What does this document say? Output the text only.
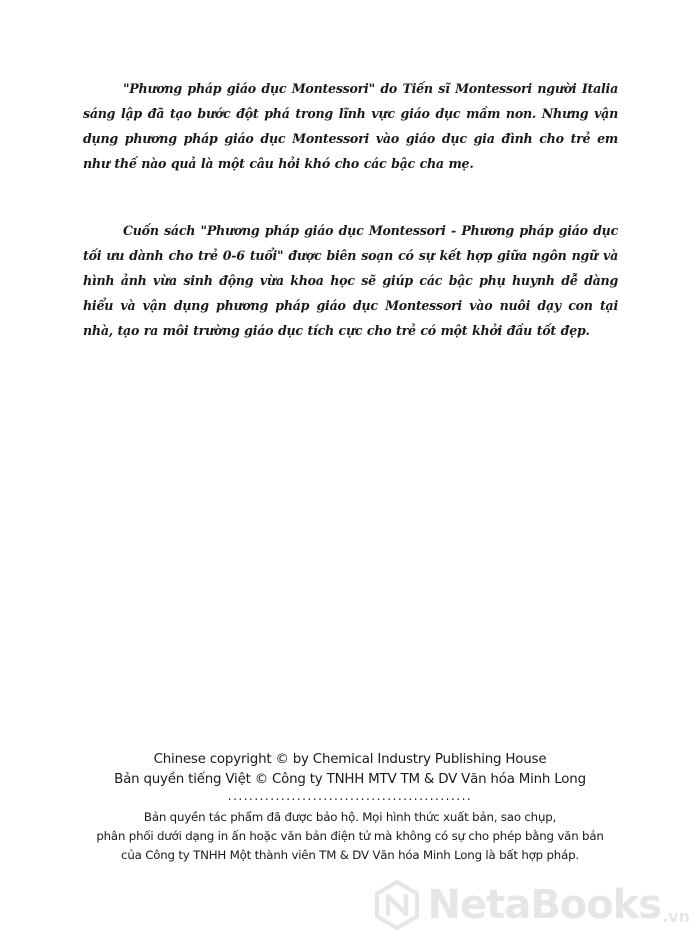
"Phương pháp giáo dục Montessori" do Tiến sĩ Montessori người Italia sáng lập đã tạo bước đột phá trong lĩnh vực giáo dục mầm non. Nhưng vận dụng phương pháp giáo dục Montessori vào giáo dục gia đình cho trẻ em như thế nào quả là một câu hỏi khó cho các bậc cha mẹ.

Cuốn sách "Phương pháp giáo dục Montessori - Phương pháp giáo dục tối ưu dành cho trẻ 0-6 tuổi" được biên soạn có sự kết hợp giữa ngôn ngữ và hình ảnh vừa sinh động vừa khoa học sẽ giúp các bậc phụ huynh dễ dàng hiểu và vận dụng phương pháp giáo dục Montessori vào nuôi dạy con tại nhà, tạo ra môi trường giáo dục tích cực cho trẻ có một khởi đầu tốt đẹp.

Chinese copyright © by Chemical Industry Publishing House
Bản quyền tiếng Việt © Công ty TNHH MTV TM & DV Văn hóa Minh Long
..............................................
Bản quyền tác phẩm đã được bảo hộ. Mọi hình thức xuất bản, sao chụp,
phân phối dưới dạng in ấn hoặc văn bản điện tử mà không có sự cho phép bằng văn bản
của Công ty TNHH Một thành viên TM & DV Văn hóa Minh Long là bất hợp pháp.
NetaBooks .vn
